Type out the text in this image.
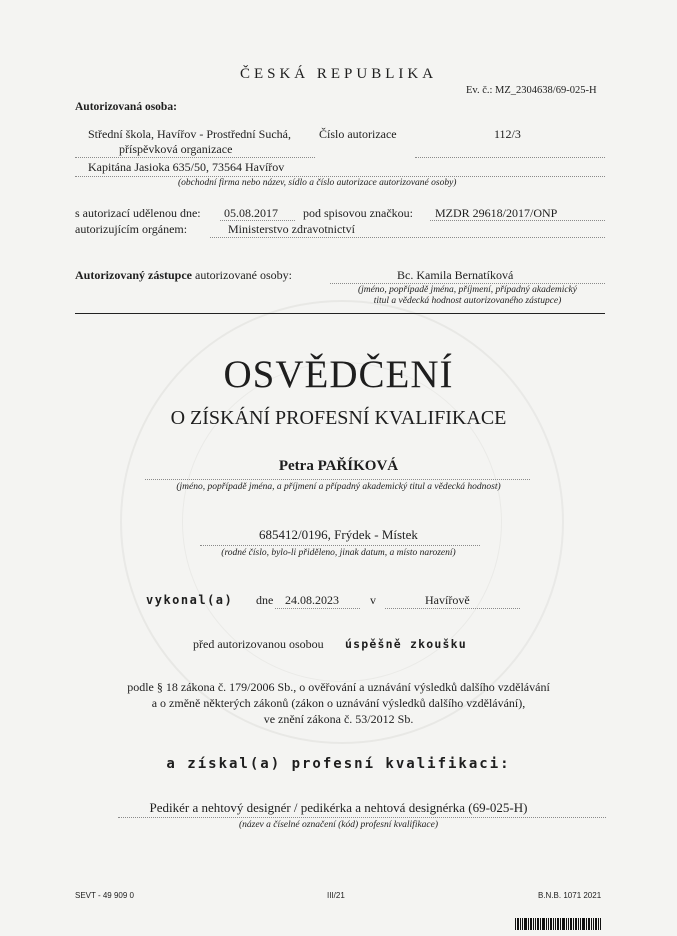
ČESKÁ REPUBLIKA
Ev. č.: MZ_2304638/69-025-H
Autorizovaná osoba:
Střední škola, Havířov - Prostřední Suchá, Číslo autorizace	112/3
příspěvková organizace
Kapitána Jasioka 635/50, 73564 Havířov
(obchodní firma nebo název, sídlo a číslo autorizace autorizované osoby)
s autorizací udělenou dne: 05.08.2017 pod spisovou značkou: MZDR 29618/2017/ONP
autorizujícím orgánem:	Ministerstvo zdravotnictví
Autorizovaný zástupce autorizované osoby:	Bc. Kamila Bernatíková
(jméno, popřípadě jména, příjmení, případný akademický
titul a vědecká hodnost autorizovaného zástupce)
OSVĚDČENÍ
O ZÍSKÁNÍ PROFESNÍ KVALIFIKACE
Petra PAŘÍKOVÁ
(jméno, popřípadě jména, a příjmení a případný akademický titul a vědecká hodnost)
685412/0196, Frýdek - Místek
(rodné číslo, bylo-li přiděleno, jinak datum, a místo narození)
vykonal(a) dne 24.08.2023	v	Havířově
před autorizovanou osobou úspěšně zkoušku
podle § 18 zákona č. 179/2006 Sb., o ověřování a uznávání výsledků dalšího vzdělávání
a o změně některých zákonů (zákon o uznávání výsledků dalšího vzdělávání),
ve znění zákona č. 53/2012 Sb.
a získal(a) profesní kvalifikaci:
Pedikér a nehtový designér / pedikérka a nehtová designérka (69-025-H)
(název a číselné označení (kód) profesní kvalifikace)
SEVT - 49 909 0	III/21	B.N.B. 1071 2021
